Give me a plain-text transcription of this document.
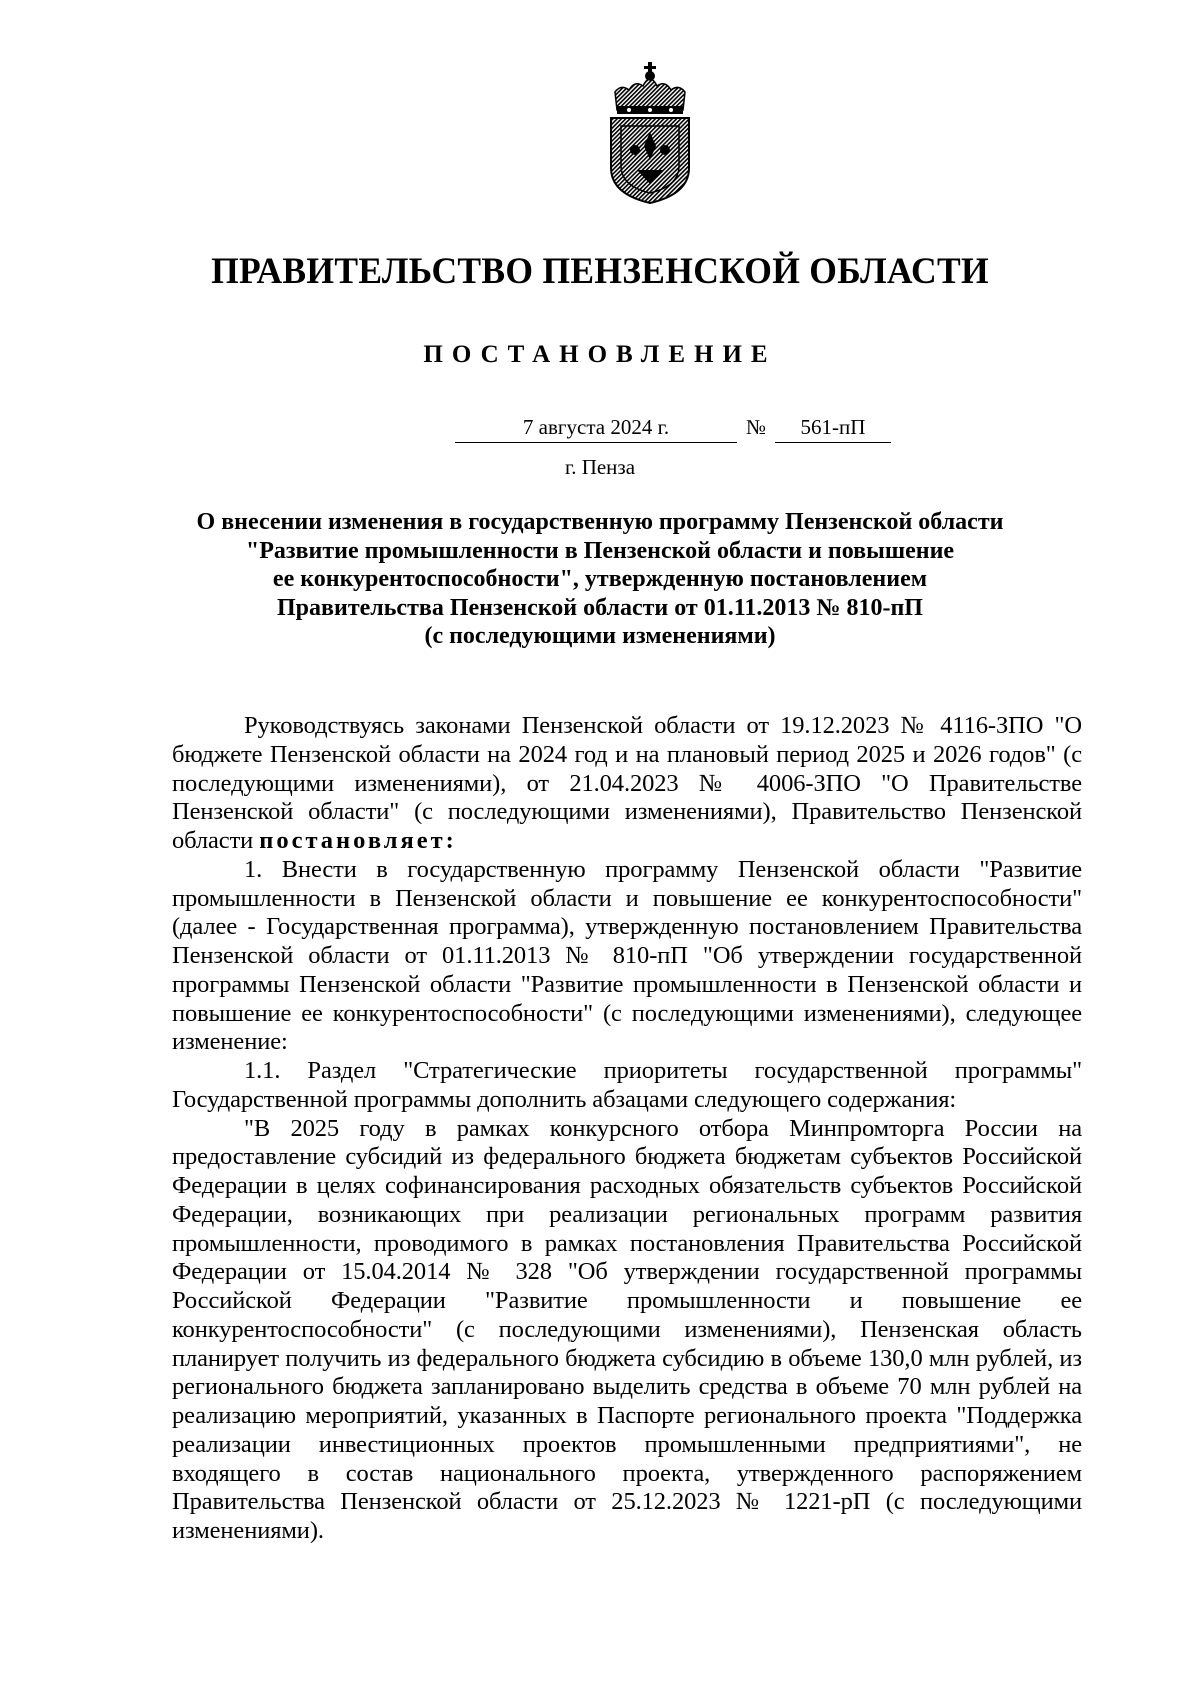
ПРАВИТЕЛЬСТВО ПЕНЗЕНСКОЙ ОБЛАСТИ
ПОСТАНОВЛЕНИЕ
7 августа 2024 г.	№ 561-пП
г. Пенза
О внесении изменения в государственную программу Пензенской области
"Развитие промышленности в Пензенской области и повышение
ее конкурентоспособности", утвержденную постановлением
Правительства Пензенской области от 01.11.2013 № 810-пП
(с последующими изменениями)

Руководствуясь законами Пензенской области от 19.12.2023 № 4116-ЗПО "О бюджете Пензенской области на 2024 год и на плановый период 2025 и 2026 годов" (с последующими изменениями), от 21.04.2023 № 4006-ЗПО "О Правительстве Пензенской области" (с последующими изменениями), Правительство Пензенской области постановляет:

1. Внести в государственную программу Пензенской области "Развитие промышленности в Пензенской области и повышение ее конкурентоспособности" (далее - Государственная программа), утвержденную постановлением Правительства Пензенской области от 01.11.2013 № 810-пП "Об утверждении государственной программы Пензенской области "Развитие промышленности в Пензенской области и повышение ее конкурентоспособности" (с последующими изменениями), следующее изменение:

1.1. Раздел "Стратегические приоритеты государственной программы" Государственной программы дополнить абзацами следующего содержания:

"В 2025 году в рамках конкурсного отбора Минпромторга России на предоставление субсидий из федерального бюджета бюджетам субъектов Российской Федерации в целях софинансирования расходных обязательств субъектов Российской Федерации, возникающих при реализации региональных программ развития промышленности, проводимого в рамках постановления Правительства Российской Федерации от 15.04.2014 № 328 "Об утверждении государственной программы Российской Федерации "Развитие промышленности и повышение ее конкурентоспособности" (с последующими изменениями), Пензенская область планирует получить из федерального бюджета субсидию в объеме 130,0 млн рублей, из регионального бюджета запланировано выделить средства в объеме 70 млн рублей на реализацию мероприятий, указанных в Паспорте регионального проекта "Поддержка реализации инвестиционных проектов промышленными предприятиями", не входящего в состав национального проекта, утвержденного распоряжением Правительства Пензенской области от 25.12.2023 № 1221-рП (с последующими изменениями).
